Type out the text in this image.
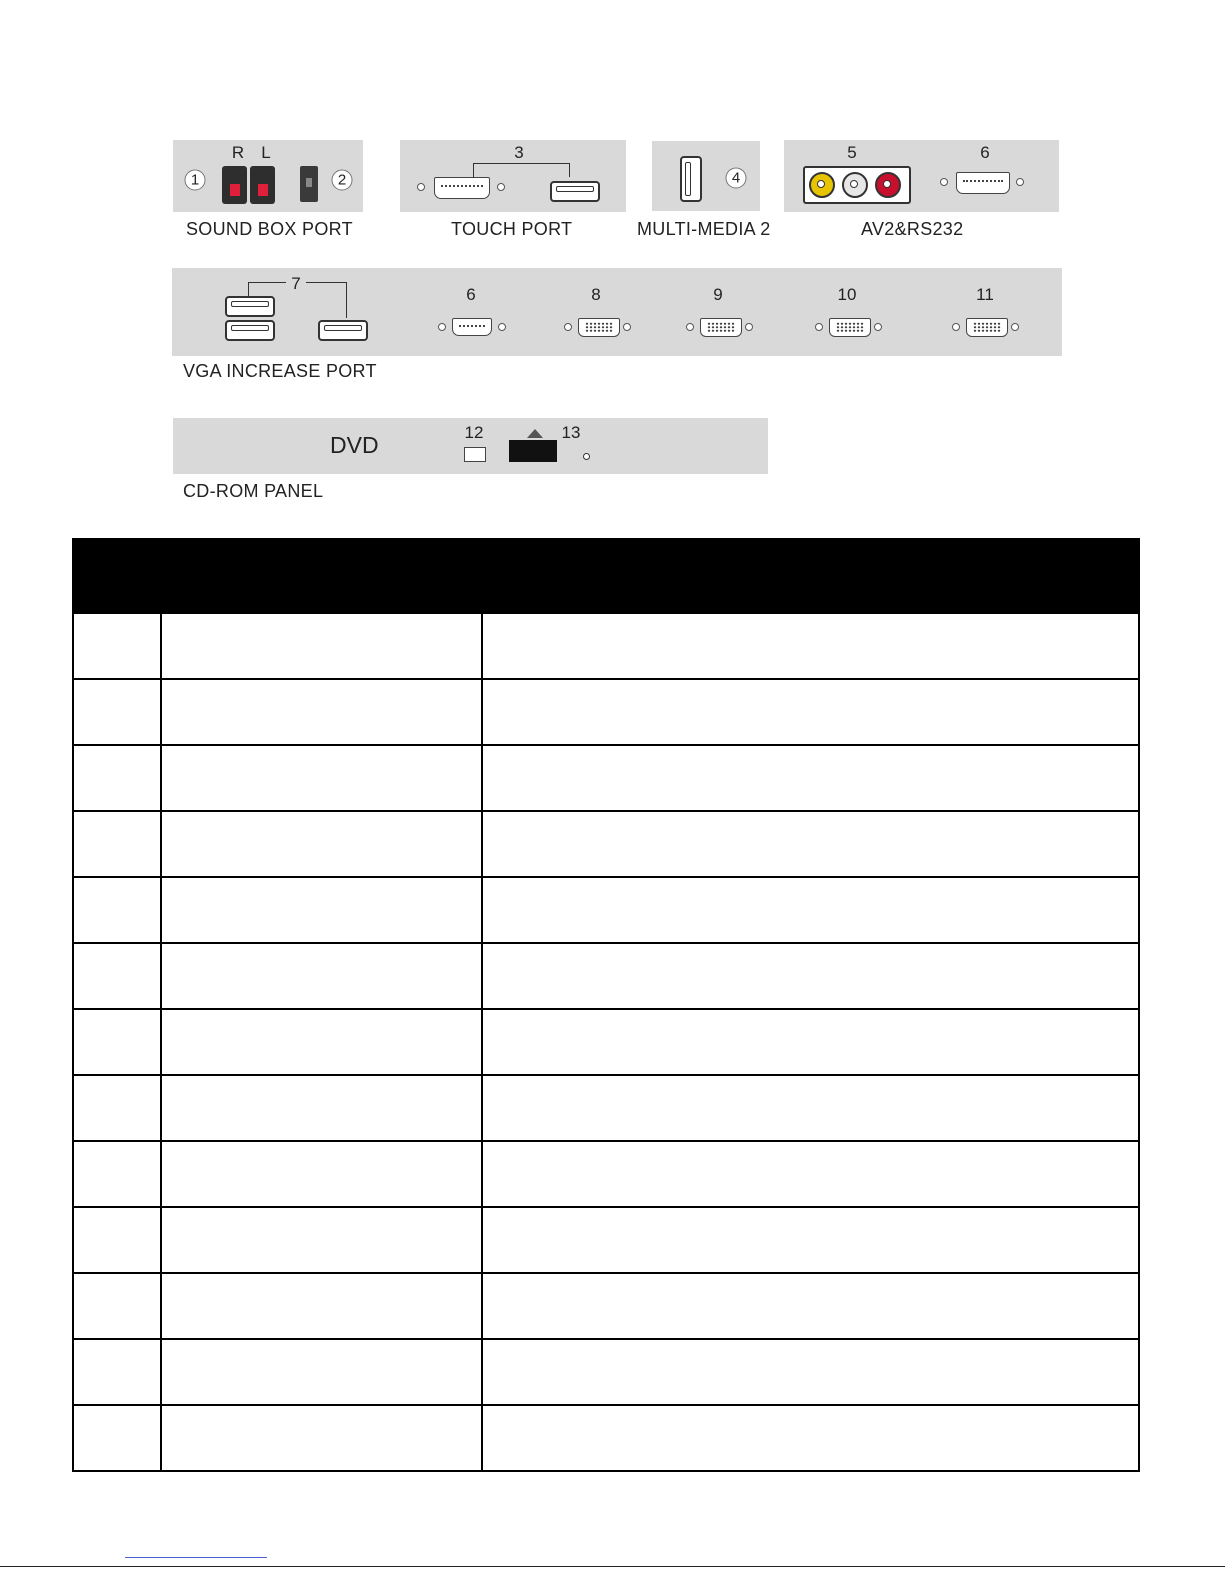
R L
1	2
SOUND BOX PORT
3
TOUCH PORT
4
MULTI-MEDIA 2
5	6
AV2&RS232
7
6	8	9	10	11
VGA INCREASE PORT
DVD	12	13
CD-ROM PANEL
